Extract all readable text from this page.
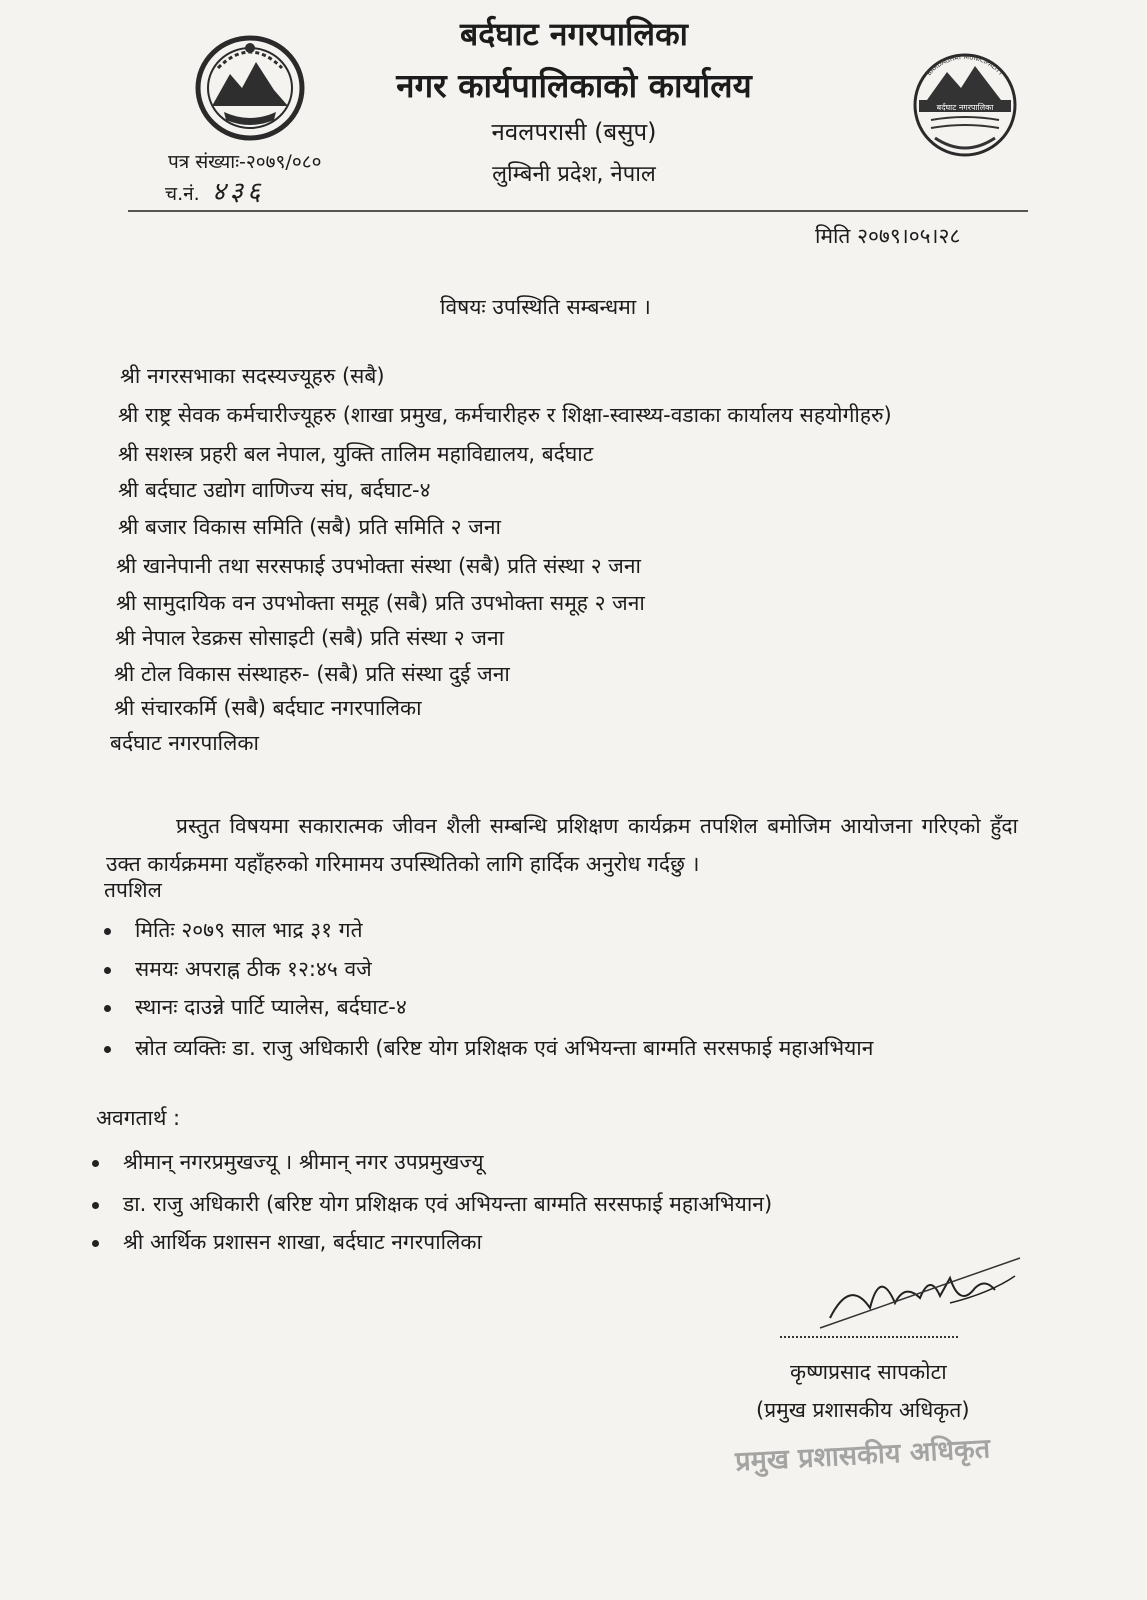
बर्दघाट नगरपालिका
BARDAGHAT MUNICIPALITY
बर्दघाट नगरपालिका
नगर कार्यपालिकाको कार्यालय
नवलपरासी (बसुप)
लुम्बिनी प्रदेश, नेपाल
पत्र संख्याः-२०७९/०८०
च.नं. ४३६
मिति २०७९।०५।२८
विषयः उपस्थिति सम्बन्धमा ।
श्री नगरसभाका सदस्यज्यूहरु (सबै)
श्री राष्ट्र सेवक कर्मचारीज्यूहरु (शाखा प्रमुख, कर्मचारीहरु र शिक्षा-स्वास्थ्य-वडाका कार्यालय सहयोगीहरु)
श्री सशस्त्र प्रहरी बल नेपाल, युक्ति तालिम महाविद्यालय, बर्दघाट
श्री बर्दघाट उद्योग वाणिज्य संघ, बर्दघाट-४
श्री बजार विकास समिति (सबै) प्रति समिति २ जना
श्री खानेपानी तथा सरसफाई उपभोक्ता संस्था (सबै) प्रति संस्था २ जना
श्री सामुदायिक वन उपभोक्ता समूह (सबै) प्रति उपभोक्ता समूह २ जना
श्री नेपाल रेडक्रस सोसाइटी (सबै) प्रति संस्था २ जना
श्री टोल विकास संस्थाहरु- (सबै) प्रति संस्था दुई जना
श्री संचारकर्मि (सबै) बर्दघाट नगरपालिका
बर्दघाट नगरपालिका
प्रस्तुत विषयमा सकारात्मक जीवन शैली सम्बन्धि प्रशिक्षण कार्यक्रम तपशिल बमोजिम आयोजना गरिएको हुँदा उक्त कार्यक्रममा यहाँहरुको गरिमामय उपस्थितिको लागि हार्दिक अनुरोध गर्दछु ।
तपशिल
मितिः २०७९ साल भाद्र ३१ गते
समयः अपराह्न ठीक १२:४५ वजे
स्थानः दाउन्ने पार्टि प्यालेस, बर्दघाट-४
स्रोत व्यक्तिः डा. राजु अधिकारी (बरिष्ट योग प्रशिक्षक एवं अभियन्ता बाग्मति सरसफाई महाअभियान
अवगतार्थ :
श्रीमान् नगरप्रमुखज्यू । श्रीमान् नगर उपप्रमुखज्यू
डा. राजु अधिकारी (बरिष्ट योग प्रशिक्षक एवं अभियन्ता बाग्मति सरसफाई महाअभियान)
श्री आर्थिक प्रशासन शाखा, बर्दघाट नगरपालिका
कृष्णप्रसाद सापकोटा
(प्रमुख प्रशासकीय अधिकृत)
प्रमुख प्रशासकीय अधिकृत
